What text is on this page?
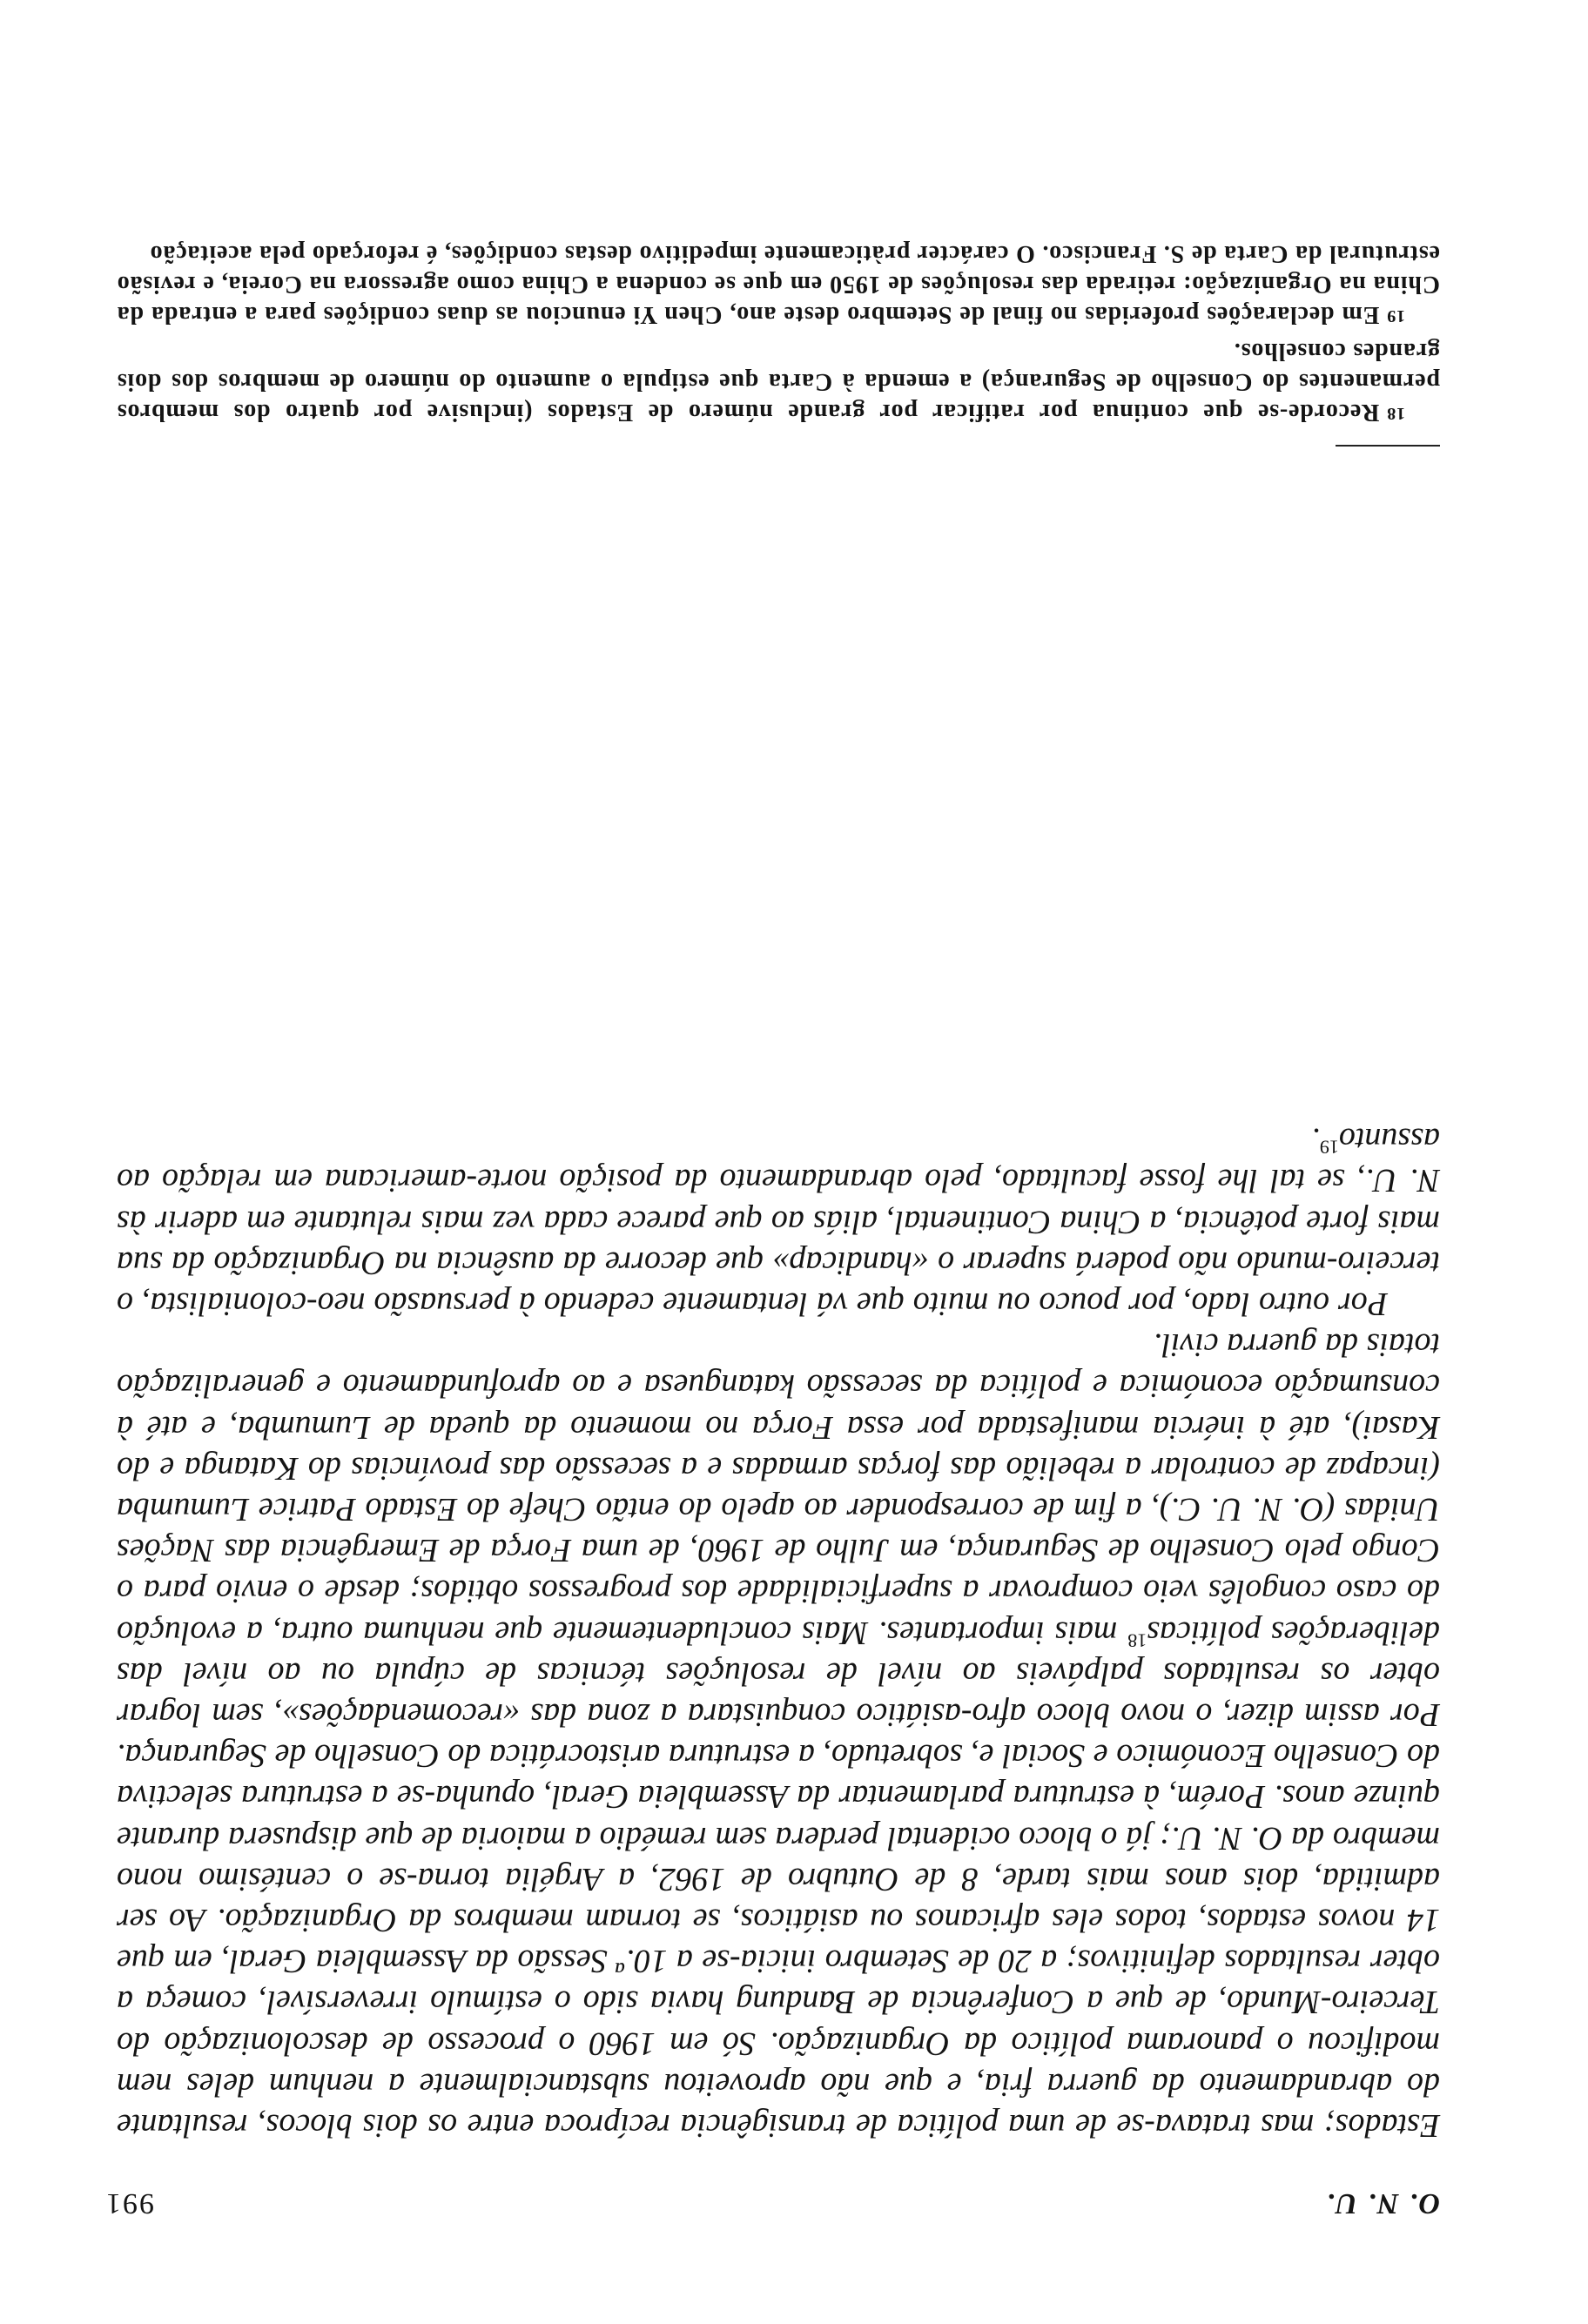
O. N. U.
991

Estados; mas tratava-se de uma política de transigência recíproca entre os dois blocos, resultante do abrandamento da guerra fria, e que não aproveitou substancialmente a nenhum deles nem modificou o panorama político da Organização. Só em 1960 o processo de descolonização do Terceiro-Mundo, de que a Conferência de Bandung havia sido o estímulo irreversível, começa a obter resultados definitivos; a 20 de Setembro inicia-se a 10.ª Sessão da Assembleia Geral, em que 14 novos estados, todos eles africanos ou asiáticos, se tornam membros da Organização. Ao ser admitida, dois anos mais tarde, 8 de Outubro de 1962, a Argélia torna-se o centésimo nono membro da O. N. U.; já o bloco ocidental perdera sem remédio a maioria de que dispusera durante quinze anos. Porém, à estrutura parlamentar da Assembleia Geral, opunha-se a estrutura selectiva do Conselho Económico e Social e, sobretudo, a estrutura aristocrática do Conselho de Segurança. Por assim dizer, o novo bloco afro-asiático conquistara a zona das «recomendações», sem lograr obter os resultados palpáveis ao nível de resoluções técnicas de cúpula ou ao nível das deliberações políticas$^{18}$ mais importantes. Mais concludentemente que nenhuma outra, a evolução do caso congolês veio comprovar a superficialidade dos progressos obtidos; desde o envio para o Congo pelo Conselho de Segurança, em Julho de 1960, de uma Força de Emergência das Nações Unidas (O. N. U. C.), a fim de corresponder ao apelo do então Chefe do Estado Patrice Lumumba (incapaz de controlar a rebelião das forças armadas e a secessão das províncias do Katanga e do Kasai), até à inércia manifestada por essa Força no momento da queda de Lumumba, e até à consumação económica e política da secessão katanguesa e ao aprofundamento e generalização totais da guerra civil.

Por outro lado, por pouco ou muito que vá lentamente cedendo à persuasão neo-colonialista, o terceiro-mundo não poderá superar o «handicap» que decorre da ausência na Organização da sua mais forte potência, a China Continental, aliás ao que parece cada vez mais relutante em aderir às N. U., se tal lhe fosse facultado, pelo abrandamento da posição norte-americana em relação ao assunto$^{19}$.

18Recorde-se que continua por ratificar por grande número de Estados (inclusive por quatro dos membros permanentes do Conselho de Segurança) a emenda à Carta que estipula o aumento do número de membros dos dois grandes conselhos.

19Em declarações proferidas no final de Setembro deste ano, Chen Yi enunciou as duas condições para a entrada da China na Organização: retirada das resoluções de 1950 em que se condena a China como agressora na Coreia, e revisão estrutural da Carta de S. Francisco. O carácter pràticamente impeditivo destas condições, é reforçado pela aceitação
